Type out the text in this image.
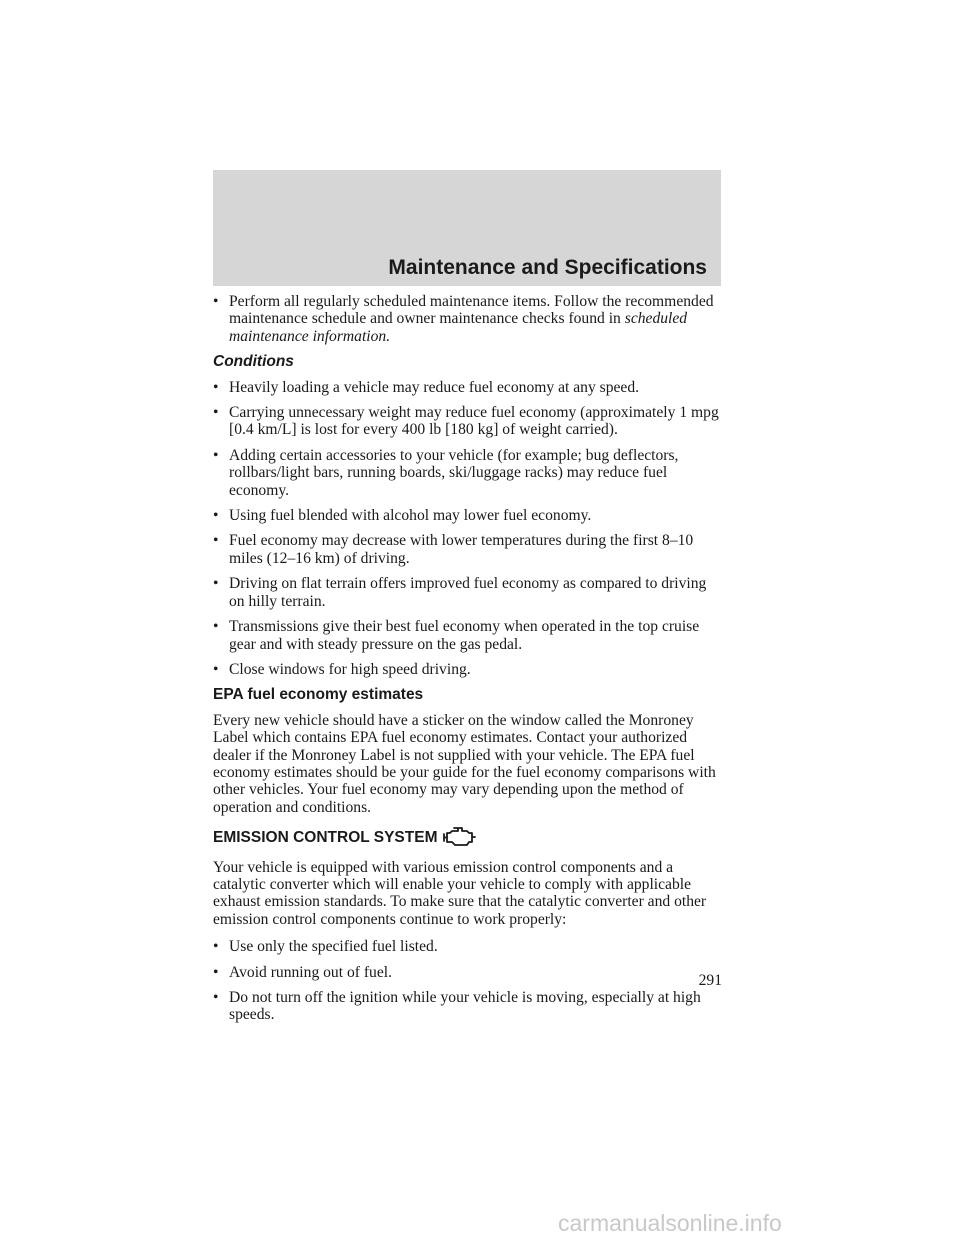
Maintenance and Specifications
• Perform all regularly scheduled maintenance items. Follow the recommended maintenance schedule and owner maintenance checks found in scheduled maintenance information.
Conditions
• Heavily loading a vehicle may reduce fuel economy at any speed.
• Carrying unnecessary weight may reduce fuel economy (approximately 1 mpg [0.4 km/L] is lost for every 400 lb [180 kg] of weight carried).
• Adding certain accessories to your vehicle (for example; bug deflectors, rollbars/light bars, running boards, ski/luggage racks) may reduce fuel economy.
• Using fuel blended with alcohol may lower fuel economy.
• Fuel economy may decrease with lower temperatures during the first 8–10 miles (12–16 km) of driving.
• Driving on flat terrain offers improved fuel economy as compared to driving on hilly terrain.
• Transmissions give their best fuel economy when operated in the top cruise gear and with steady pressure on the gas pedal.
• Close windows for high speed driving.
EPA fuel economy estimates

Every new vehicle should have a sticker on the window called the Monroney Label which contains EPA fuel economy estimates. Contact your authorized dealer if the Monroney Label is not supplied with your vehicle. The EPA fuel economy estimates should be your guide for the fuel economy comparisons with other vehicles. Your fuel economy may vary depending upon the method of operation and conditions.

EMISSION CONTROL SYSTEM

Your vehicle is equipped with various emission control components and a catalytic converter which will enable your vehicle to comply with applicable exhaust emission standards. To make sure that the catalytic converter and other emission control components continue to work properly:

• Use only the specified fuel listed.
• Avoid running out of fuel.
• Do not turn off the ignition while your vehicle is moving, especially at high speeds.
291
carmanualsonline.info
